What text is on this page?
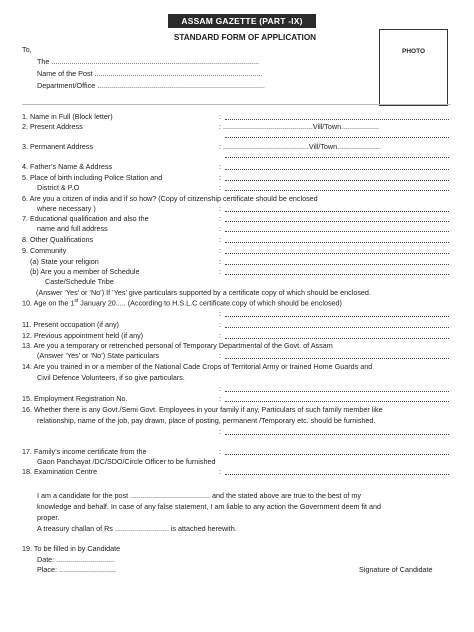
ASSAM GAZETTE (PART -IX)
STANDARD FORM OF APPLICATION
PHOTO
To,
The ........................................................................................................
Name of the Post ....................................................................................
Department/Office ....................................................................................
1. Name in Full (Block letter)	:
2. Present Address	: .............................................Vill/Town...................
3. Permanent Address	: ...........................................Vill/Town......................
4. Father’s Name & Address	:
5. Place of birth including Police Station and	:
District & P.O	:
6. Are you a citizen of india and if so how? (Copy of citizenship certificate should be enclosed
where necessary )	:
7. Educational qualification and also the	:
name and full address	:
8. Other Qualifications	:
9. Community	:
(a) State your religion	:
(b) Are you a member of Schedule	:
Caste/Schedule Tribe
(Answer ‘Yes’ or ‘No’) If ‘Yes’ give particulars supported by a certificate copy of which should be enclosed.
10. Age on the 1st January 20..... (According to H.S.L.C certificate copy of which should be enclosed)
:
11. Present occupation (if any)	:
12. Previous appointment held (if any)	:
13. Are you a temporary or retrenched personal of Temporary Departmental of the Govt. of Assam
(Answer ‘Yes’ or ‘No’) State particulars	:
14. Are you trained in or a member of the National Cade Crops of Territorial Army or trained Home Guards and
Civil Defence Volunteers, if so give particulars.
:
15. Employment Registration No.	:
16. Whether there is any Govt./Semi Govt. Employees in your family if any, Particulars of such family member like
relationship, name of the job, pay drawn, place of posting, permanent /Temporary etc. should be furnished.
:
17. Family’s income certificate from the	:
Gaon Panchayat /DC/SDO/Circle Officer to be furnished
18. Examination Centre	:
I am a candidate for the post ........................................ and the stated above are true to the best of my
knowledge and behalf. In case of any false statement, I am liable to any action the Government deem fit and
proper.
A treasury challan of Rs ........................... is attached herewith.
19. To be filled in by Candidate
Date: .............................
Place: .............................	Signature of Candidate
